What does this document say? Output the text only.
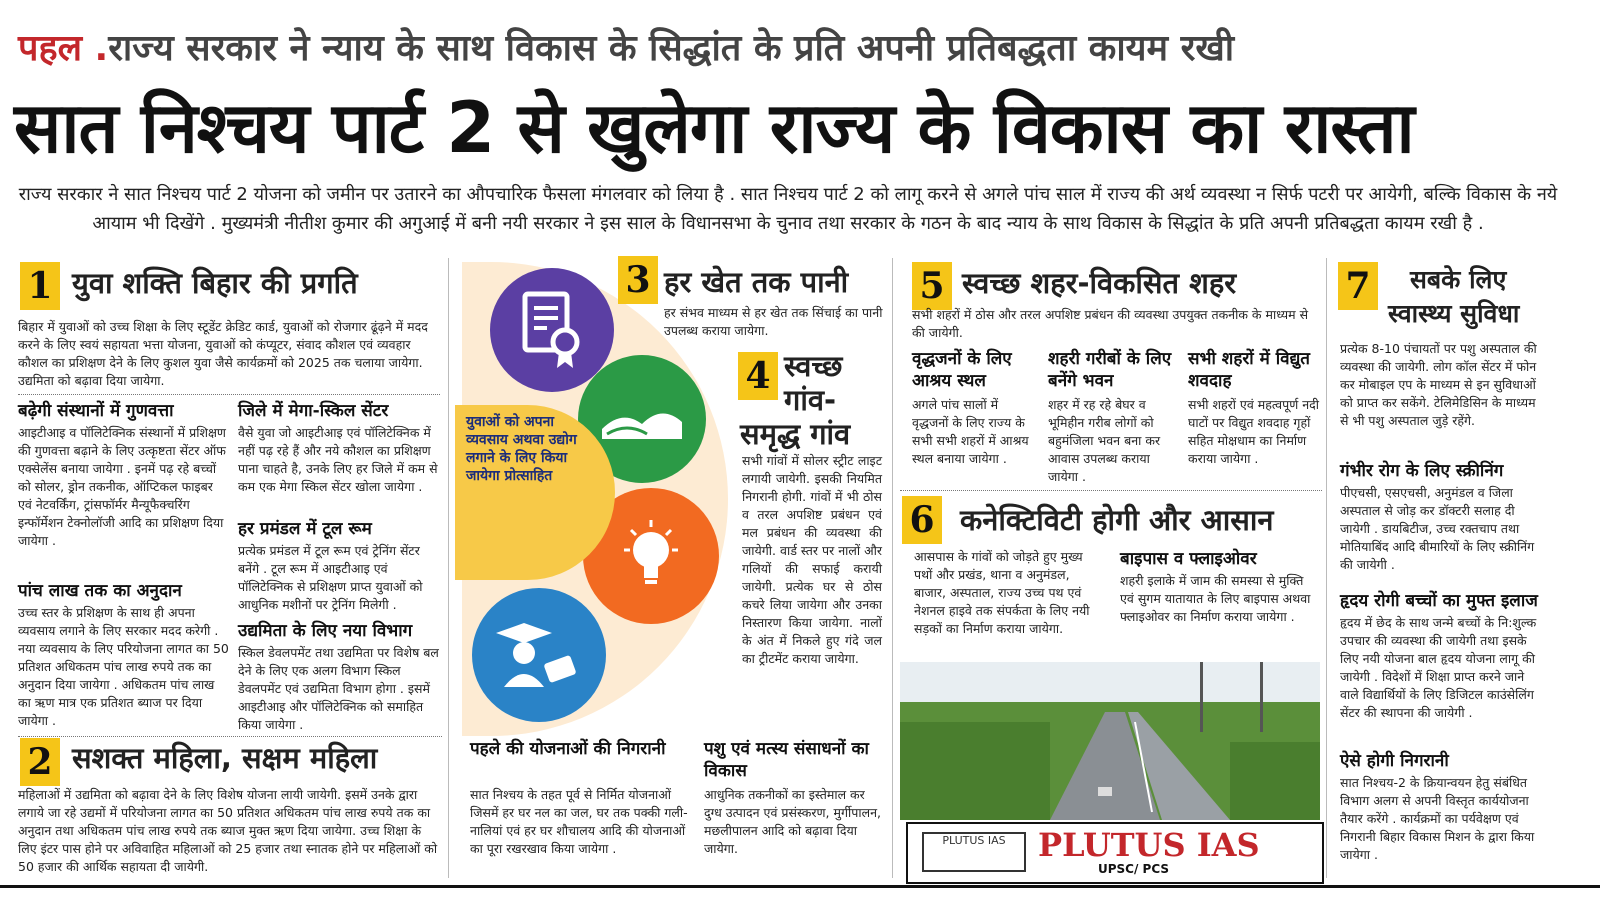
पहल .राज्य सरकार ने न्याय के साथ विकास के सिद्धांत के प्रति अपनी प्रतिबद्धता कायम रखी
सात निश्चय पार्ट 2 से खुलेगा राज्य के विकास का रास्ता
राज्य सरकार ने सात निश्चय पार्ट 2 योजना को जमीन पर उतारने का औपचारिक फैसला मंगलवार को लिया है . सात निश्चय पार्ट 2 को लागू करने से अगले पांच साल में राज्य की अर्थ व्यवस्था न सिर्फ पटरी पर आयेगी, बल्कि विकास के नये आयाम भी दिखेंगे . मुख्यमंत्री नीतीश कुमार की अगुआई में बनी नयी सरकार ने इस साल के विधानसभा के चुनाव तथा सरकार के गठन के बाद न्याय के साथ विकास के सिद्धांत के प्रति अपनी प्रतिबद्धता कायम रखी है .
1 युवा शक्ति बिहार की प्रगति
बिहार में युवाओं को उच्च शिक्षा के लिए स्टूडेंट क्रेडिट कार्ड, युवाओं को रोजगार ढूंढ़ने में मदद करने के लिए स्वयं सहायता भत्ता योजना, युवाओं को कंप्यूटर, संवाद कौशल एवं व्यवहार कौशल का प्रशिक्षण देने के लिए कुशल युवा जैसे कार्यक्रमों को 2025 तक चलाया जायेगा. उद्यमिता को बढ़ावा दिया जायेगा.
बढ़ेगी संस्थानों में गुणवत्ता
आइटीआइ व पॉलिटेक्निक संस्थानों में प्रशिक्षण की गुणवत्ता बढ़ाने के लिए उत्कृष्टता सेंटर ऑफ एक्सेलेंस बनाया जायेगा . इनमें पढ़ रहे बच्चों को सोलर, ड्रोन तकनीक, ऑप्टिकल फाइबर एवं नेटवर्किंग, ट्रांसफॉर्मर मैन्यूफैक्चरिंग इन्फॉर्मेशन टेक्नोलॉजी आदि का प्रशिक्षण दिया जायेगा .
पांच लाख तक का अनुदान
उच्च स्तर के प्रशिक्षण के साथ ही अपना व्यवसाय लगाने के लिए सरकार मदद करेगी . नया व्यवसाय के लिए परियोजना लागत का 50 प्रतिशत अधिकतम पांच लाख रुपये तक का अनुदान दिया जायेगा . अधिकतम पांच लाख का ऋण मात्र एक प्रतिशत ब्याज पर दिया जायेगा .
जिले में मेगा-स्किल सेंटर
वैसे युवा जो आइटीआइ एवं पॉलिटेक्निक में नहीं पढ़ रहे हैं और नये कौशल का प्रशिक्षण पाना चाहते है, उनके लिए हर जिले में कम से कम एक मेगा स्किल सेंटर खोला जायेगा .
हर प्रमंडल में टूल रूम
प्रत्येक प्रमंडल में टूल रूम एवं ट्रेनिंग सेंटर बनेंगे . टूल रूम में आइटीआइ एवं पॉलिटेक्निक से प्रशिक्षण प्राप्त युवाओं को आधुनिक मशीनों पर ट्रेनिंग मिलेगी .
उद्यमिता के लिए नया विभाग
स्किल डेवलपमेंट तथा उद्यमिता पर विशेष बल देने के लिए एक अलग विभाग स्किल डेवलपमेंट एवं उद्यमिता विभाग होगा . इसमें आइटीआइ और पॉलिटेक्निक को समाहित किया जायेगा .
2 सशक्त महिला, सक्षम महिला
महिलाओं में उद्यमिता को बढ़ावा देने के लिए विशेष योजना लायी जायेगी. इसमें उनके द्वारा लगाये जा रहे उद्यमों में परियोजना लागत का 50 प्रतिशत अधिकतम पांच लाख रुपये तक का अनुदान तथा अधिकतम पांच लाख रुपये तक ब्याज मुक्त ऋण दिया जायेगा. उच्च शिक्षा के लिए इंटर पास होने पर अविवाहित महिलाओं को 25 हजार तथा स्नातक होने पर महिलाओं को 50 हजार की आर्थिक सहायता दी जायेगी.
युवाओं को अपना व्यवसाय अथवा उद्योग लगाने के लिए किया जायेगा प्रोत्साहित
3 हर खेत तक पानी
हर संभव माध्यम से हर खेत तक सिंचाई का पानी उपलब्ध कराया जायेगा.
4 स्वच्छ
गांव-
समृद्ध गांव
सभी गांवों में सोलर स्ट्रीट लाइट लगायी जायेगी. इसकी नियमित निगरानी होगी. गांवों में भी ठोस व तरल अपशिष्ट प्रबंधन एवं मल प्रबंधन की व्यवस्था की जायेगी. वार्ड स्तर पर नालों और गलियों की सफाई करायी जायेगी. प्रत्येक घर से ठोस कचरे लिया जायेगा और उनका निस्तारण किया जायेगा. नालों के अंत में निकले हुए गंदे जल का ट्रीटमेंट कराया जायेगा.
पहले की योजनाओं की निगरानी
सात निश्चय के तहत पूर्व से निर्मित योजनाओं जिसमें हर घर नल का जल, घर तक पक्की गली-नालियां एवं हर घर शौचालय आदि की योजनाओं का पूरा रखरखाव किया जायेगा .
पशु एवं मत्स्य संसाधनों का विकास
आधुनिक तकनीकों का इस्तेमाल कर दुग्ध उत्पादन एवं प्रसंस्करण, मुर्गीपालन, मछलीपालन आदि को बढ़ावा दिया जायेगा.
5 स्वच्छ शहर-विकसित शहर
सभी शहरों में ठोस और तरल अपशिष्ट प्रबंधन की व्यवस्था उपयुक्त तकनीक के माध्यम से की जायेगी.
वृद्धजनों के लिए आश्रय स्थल
अगले पांच सालों में वृद्धजनों के लिए राज्य के सभी सभी शहरों में आश्रय स्थल बनाया जायेगा .
शहरी गरीबों के लिए बनेंगे भवन
शहर में रह रहे बेघर व भूमिहीन गरीब लोगों को बहुमंजिला भवन बना कर आवास उपलब्ध कराया जायेगा .
सभी शहरों में विद्युत शवदाह
सभी शहरों एवं महत्वपूर्ण नदी घाटों पर विद्युत शवदाह गृहों सहित मोक्षधाम का निर्माण कराया जायेगा .
6 कनेक्टिविटी होगी और आसान
आसपास के गांवों को जोड़ते हुए मुख्य पथों और प्रखंड, थाना व अनुमंडल, बाजार, अस्पताल, राज्य उच्च पथ एवं नेशनल हाइवे तक संपर्कता के लिए नयी सड़कों का निर्माण कराया जायेगा.
बाइपास व फ्लाइओवर
शहरी इलाके में जाम की समस्या से मुक्ति एवं सुगम यातायात के लिए बाइपास अथवा फ्लाइओवर का निर्माण कराया जायेगा .
7 सबके लिए
स्वास्थ्य सुविधा
प्रत्येक 8-10 पंचायतों पर पशु अस्पताल की व्यवस्था की जायेगी. लोग कॉल सेंटर में फोन कर मोबाइल एप के माध्यम से इन सुविधाओं को प्राप्त कर सकेंगे. टेलिमेडिसिन के माध्यम से भी पशु अस्पताल जुड़े रहेंगे.
गंभीर रोग के लिए स्क्रीनिंग
पीएचसी, एसएचसी, अनुमंडल व जिला अस्पताल से जोड़ कर डॉक्टरी सलाह दी जायेगी . डायबिटीज, उच्च रक्तचाप तथा मोतियाबिंद आदि बीमारियों के लिए स्क्रीनिंग की जायेगी .
हृदय रोगी बच्चों का मुफ्त इलाज
हृदय में छेद के साथ जन्मे बच्चों के नि:शुल्क उपचार की व्यवस्था की जायेगी तथा इसके लिए नयी योजना बाल हृदय योजना लागू की जायेगी . विदेशों में शिक्षा प्राप्त करने जाने वाले विद्यार्थियों के लिए डिजिटल काउंसेलिंग सेंटर की स्थापना की जायेगी .
ऐसे होगी निगरानी
सात निश्चय-2 के क्रियान्वयन हेतु संबंधित विभाग अलग से अपनी विस्तृत कार्ययोजना तैयार करेंगे . कार्यक्रमों का पर्यवेक्षण एवं निगरानी बिहार विकास मिशन के द्वारा किया जायेगा .
PLUTUS IAS	PLUTUS IAS
UPSC/ PCS
